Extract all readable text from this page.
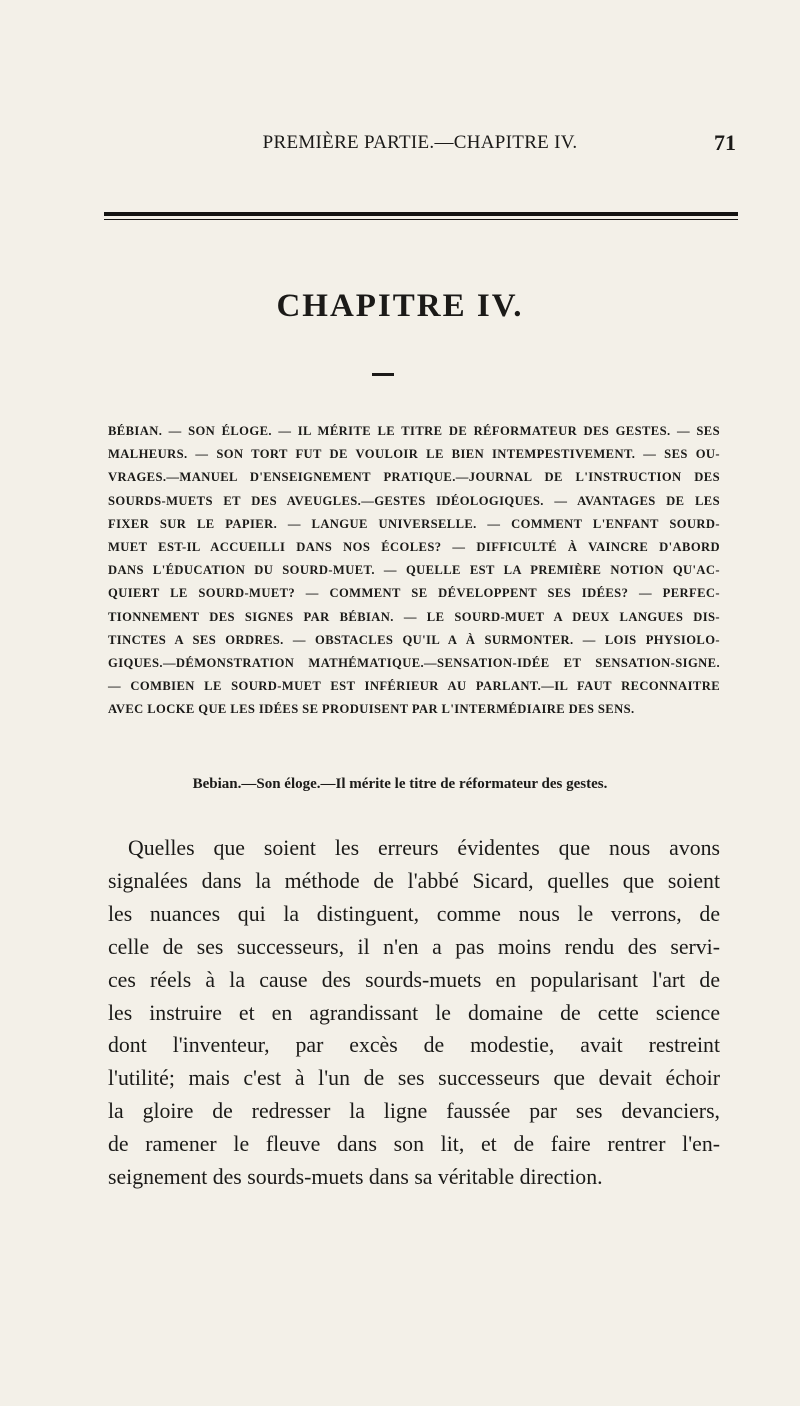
PREMIÈRE PARTIE.—CHAPITRE IV.	71
CHAPITRE IV.
BÉBIAN. — SON ÉLOGE. — IL MÉRITE LE TITRE DE RÉFORMATEUR DES GESTES. — SES
MALHEURS. — SON TORT FUT DE VOULOIR LE BIEN INTEMPESTIVEMENT. — SES OU-
VRAGES.—MANUEL D'ENSEIGNEMENT PRATIQUE.—JOURNAL DE L'INSTRUCTION DES
SOURDS-MUETS ET DES AVEUGLES.—GESTES IDÉOLOGIQUES. — AVANTAGES DE LES
FIXER SUR LE PAPIER. — LANGUE UNIVERSELLE. — COMMENT L'ENFANT SOURD-
MUET EST-IL ACCUEILLI DANS NOS ÉCOLES? — DIFFICULTÉ À VAINCRE D'ABORD
DANS L'ÉDUCATION DU SOURD-MUET. — QUELLE EST LA PREMIÈRE NOTION QU'AC-
QUIERT LE SOURD-MUET? — COMMENT SE DÉVELOPPENT SES IDÉES? — PERFEC-
TIONNEMENT DES SIGNES PAR BÉBIAN. — LE SOURD-MUET A DEUX LANGUES DIS-
TINCTES A SES ORDRES. — OBSTACLES QU'IL A À SURMONTER. — LOIS PHYSIOLO-
GIQUES.—DÉMONSTRATION MATHÉMATIQUE.—SENSATION-IDÉE ET SENSATION-SIGNE.
— COMBIEN LE SOURD-MUET EST INFÉRIEUR AU PARLANT.—IL FAUT RECONNAITRE
AVEC LOCKE QUE LES IDÉES SE PRODUISENT PAR L'INTERMÉDIAIRE DES SENS.
Bebian.—Son éloge.—Il mérite le titre de réformateur des gestes.
Quelles que soient les erreurs évidentes que nous avons
signalées dans la méthode de l'abbé Sicard, quelles que soient
les nuances qui la distinguent, comme nous le verrons, de
celle de ses successeurs, il n'en a pas moins rendu des servi-
ces réels à la cause des sourds-muets en popularisant l'art de
les instruire et en agrandissant le domaine de cette science
dont l'inventeur, par excès de modestie, avait restreint
l'utilité; mais c'est à l'un de ses successeurs que devait échoir
la gloire de redresser la ligne faussée par ses devanciers,
de ramener le fleuve dans son lit, et de faire rentrer l'en-
seignement des sourds-muets dans sa véritable direction.
